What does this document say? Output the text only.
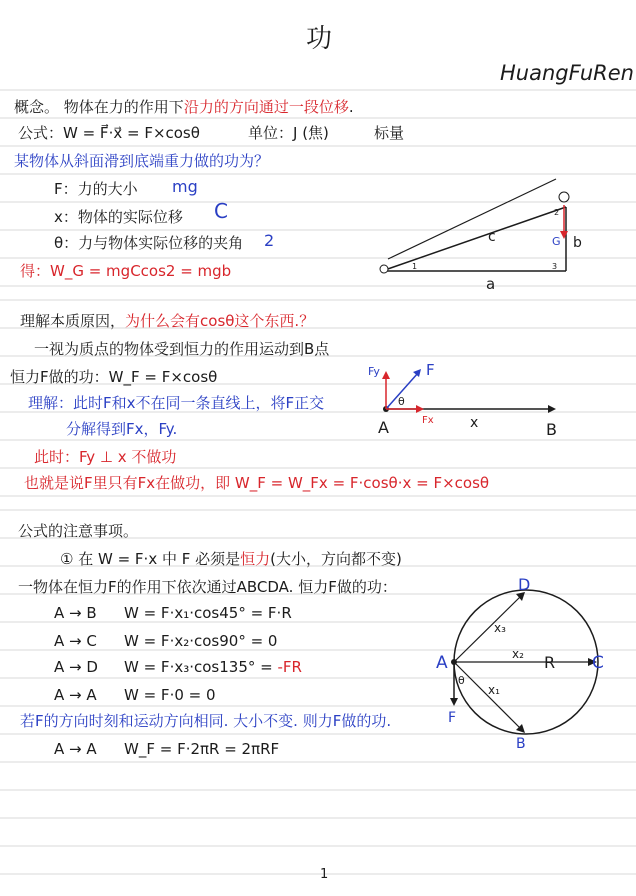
功
HuangFuRen
概念。 物体在力的作用下沿力的方向通过一段位移.
公式：W = F⃗·x⃗ = F×cosθ	单位：J (焦)	标量
某物体从斜面滑到底端重力做的功为？
F：力的大小 mg
x：物体的实际位移 C
θ：力与物体实际位移的夹角 2
得：W_G = mgCcos2 = mgb
G b
c
a
1
2
3
理解本质原因，为什么会有cosθ这个东西.？
一视为质点的物体受到恒力的作用运动到B点
恒力F做的功：W_F = F×cosθ
理解：此时F和x不在同一条直线上，将F正交
分解得到Fx，Fy.
此时：Fy ⊥ x 不做功
也就是说F里只有Fx在做功，即 W_F = W_Fx = F·cosθ·x = F×cosθ
Fy	F
θ
Fx
A	x	B
公式的注意事项。
① 在 W = F·x 中 F 必须是恒力(大小，方向都不变)
一物体在恒力F的作用下依次通过ABCDA. 恒力F做的功：
A → B W = F·x₁·cos45° = F·R
A → C W = F·x₂·cos90° = 0
A → D W = F·x₃·cos135° = -FR
A → A W = F·0 = 0
若F的方向时刻和运动方向相同. 大小不变. 则力F做的功.
A → A W_F = F·2πR = 2πRF
A
D
C
B
F
R
θ
x₃
x₂
x₁
1
